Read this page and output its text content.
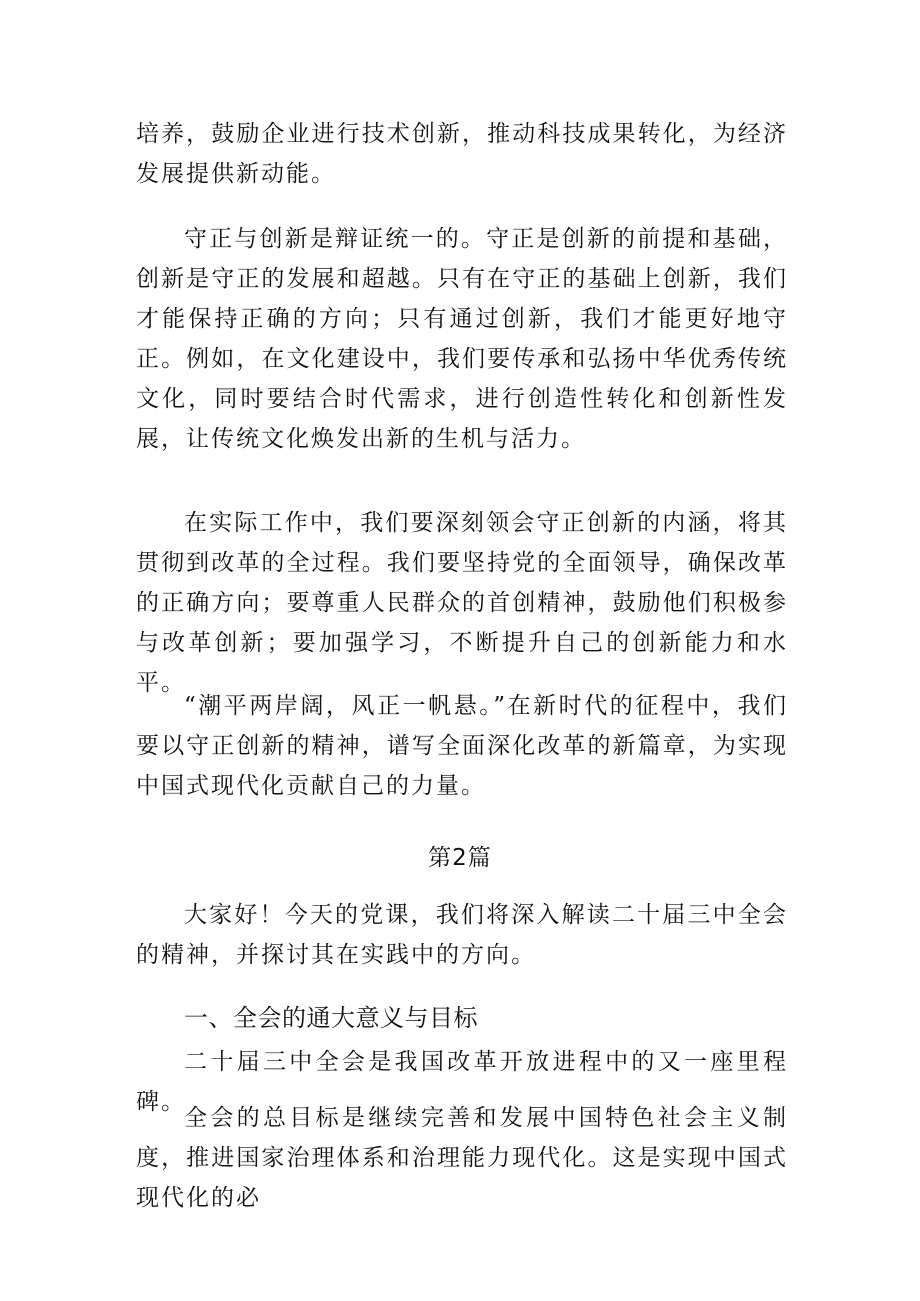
培养，鼓励企业进行技术创新，推动科技成果转化，为经济发展提供新动能。

守正与创新是辩证统一的。守正是创新的前提和基础，创新是守正的发展和超越。只有在守正的基础上创新，我们才能保持正确的方向；只有通过创新，我们才能更好地守正。例如，在文化建设中，我们要传承和弘扬中华优秀传统文化，同时要结合时代需求，进行创造性转化和创新性发展，让传统文化焕发出新的生机与活力。

在实际工作中，我们要深刻领会守正创新的内涵，将其贯彻到改革的全过程。我们要坚持党的全面领导，确保改革的正确方向；要尊重人民群众的首创精神，鼓励他们积极参与改革创新；要加强学习，不断提升自己的创新能力和水平。

“潮平两岸阔，风正一帆悬。”在新时代的征程中，我们要以守正创新的精神，谱写全面深化改革的新篇章，为实现中国式现代化贡献自己的力量。

第2篇

大家好！今天的党课，我们将深入解读二十届三中全会的精神，并探讨其在实践中的方向。

一、全会的通大意义与目标

二十届三中全会是我国改革开放进程中的又一座里程碑。

全会的总目标是继续完善和发展中国特色社会主义制度，推进国家治理体系和治理能力现代化。这是实现中国式现代化的必
